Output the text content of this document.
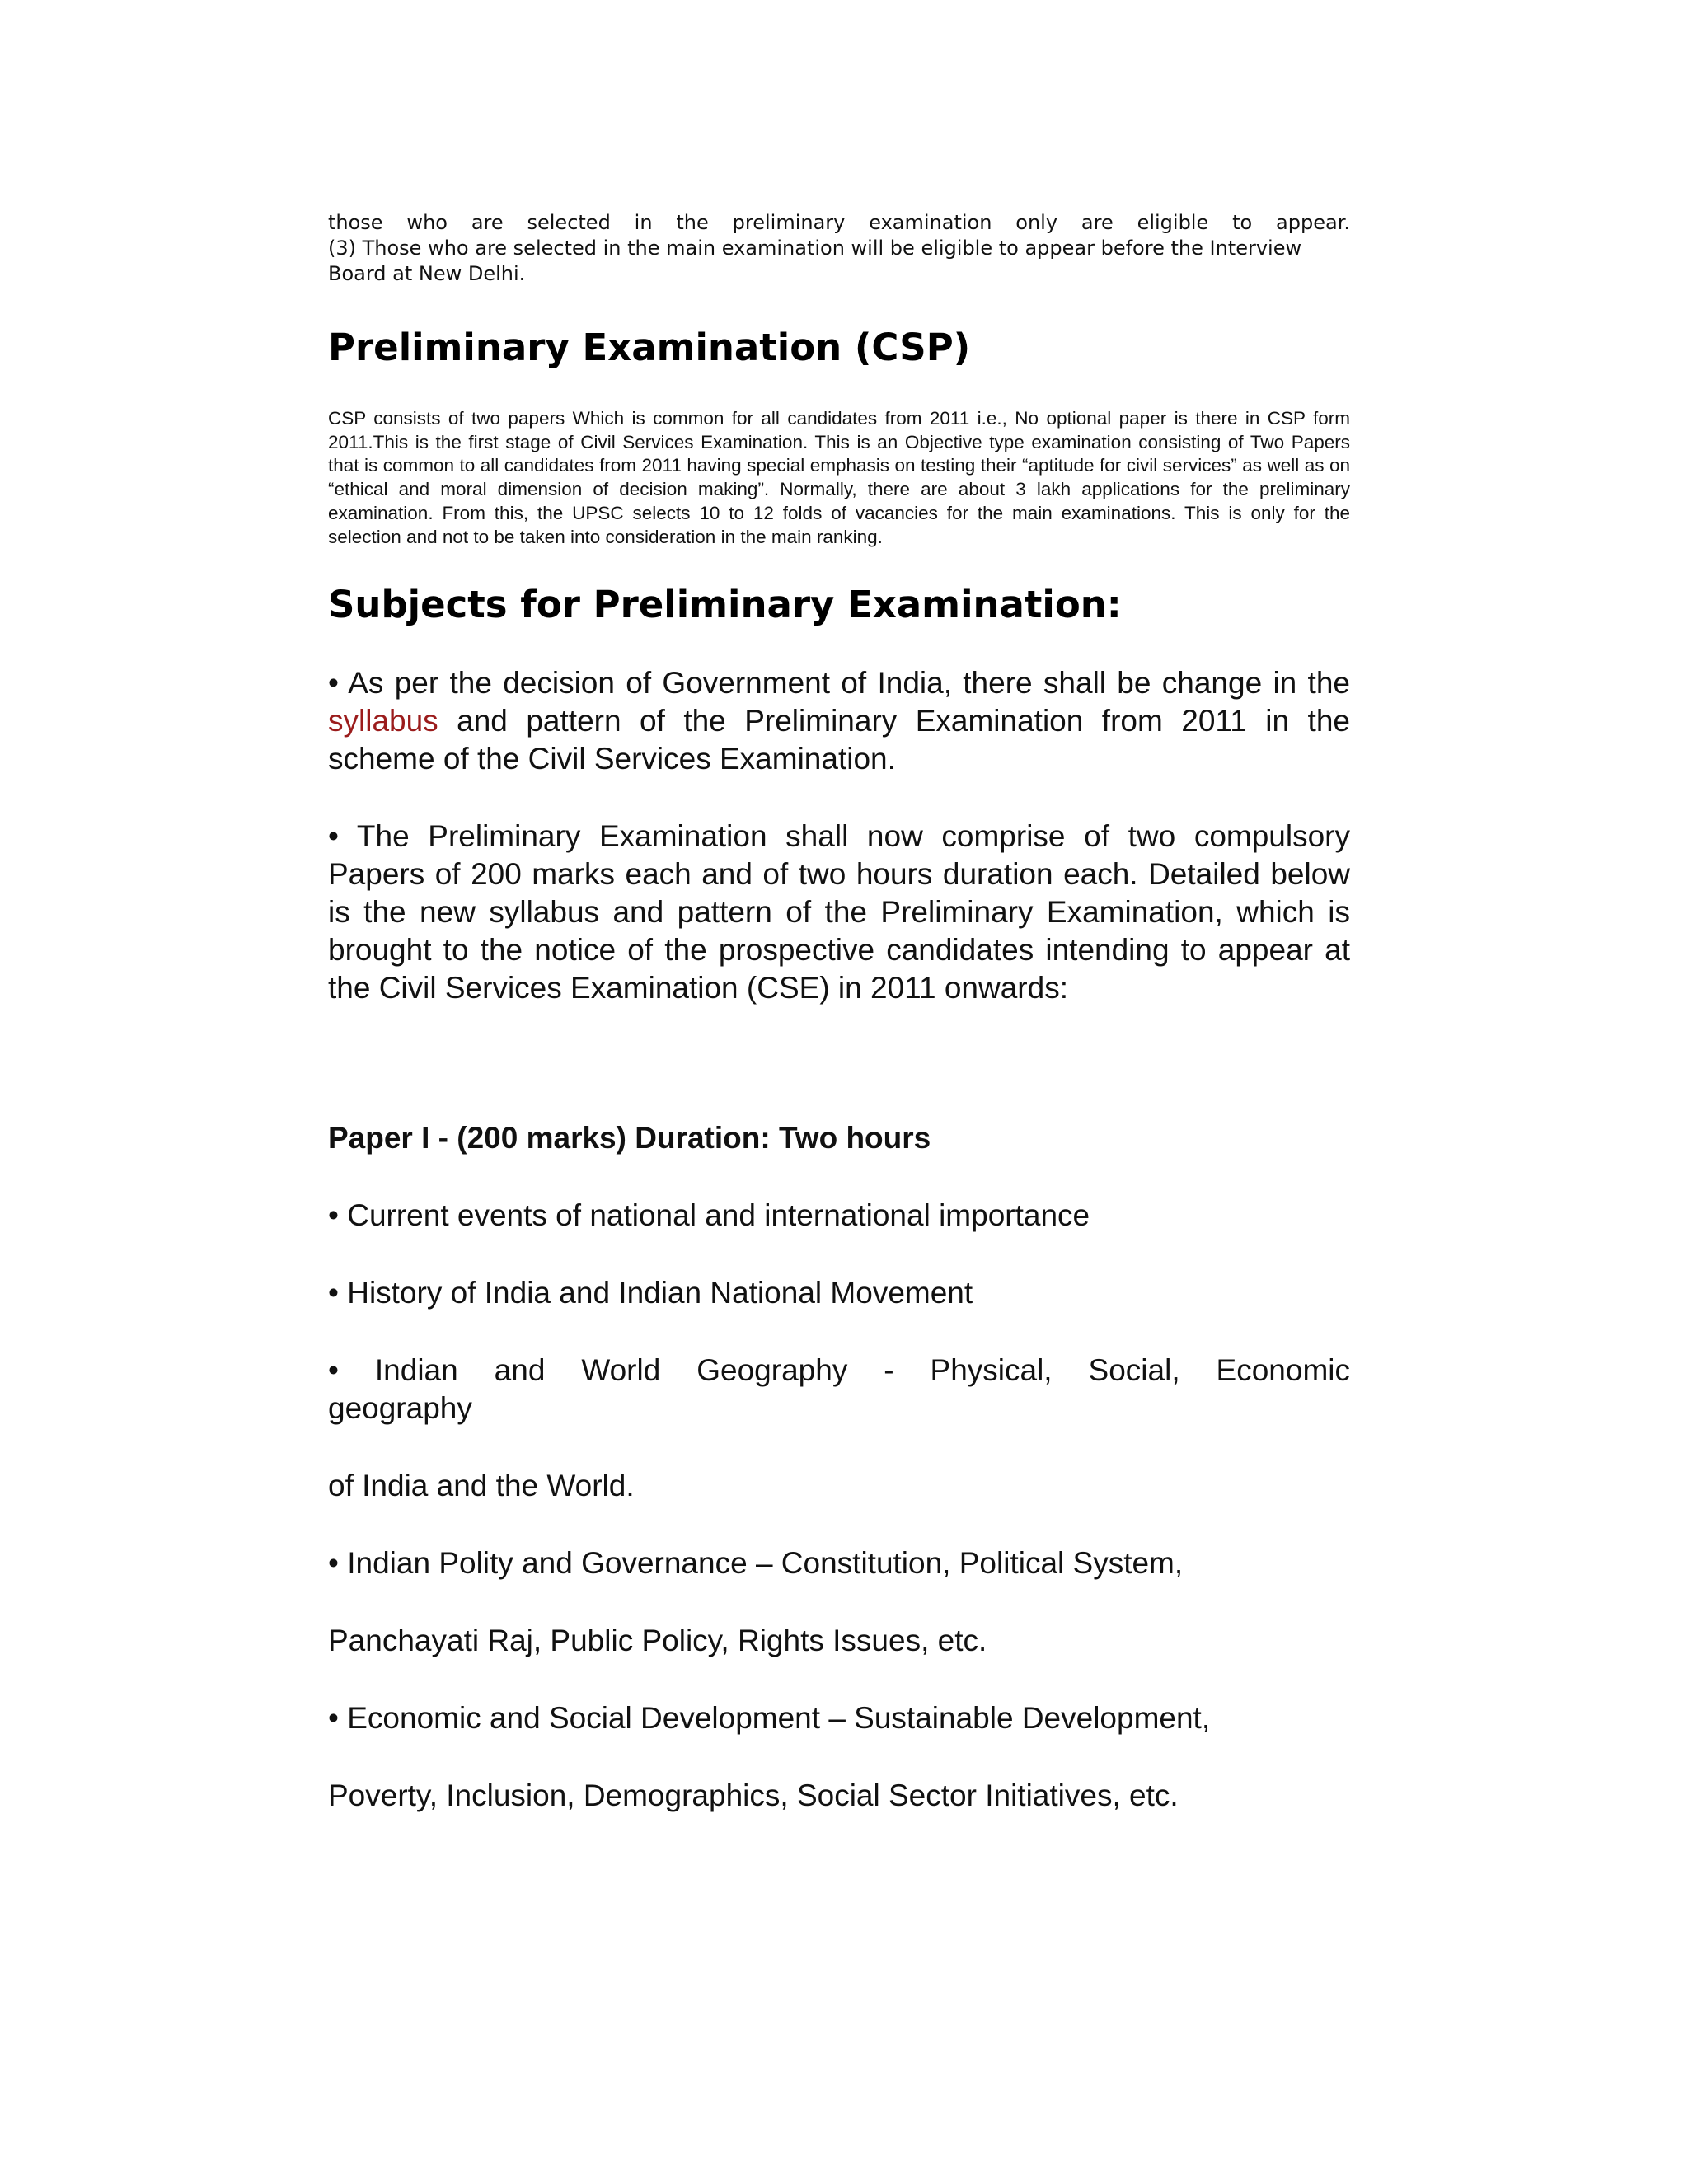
those who are selected in the preliminary examination only are eligible to appear.
(3) Those who are selected in the main examination will be eligible to appear before the Interview
Board at New Delhi.

Preliminary Examination (CSP)

CSP consists of two papers Which is common for all candidates from 2011 i.e., No optional paper is there in CSP form 2011.This is the first stage of Civil Services Examination. This is an Objective type examination consisting of Two Papers that is common to all candidates from 2011 having special emphasis on testing their “aptitude for civil services” as well as on “ethical and moral dimension of decision making”. Normally, there are about 3 lakh applications for the preliminary examination. From this, the UPSC selects 10 to 12 folds of vacancies for the main examinations. This is only for the selection and not to be taken into consideration in the main ranking.

Subjects for Preliminary Examination:

• As per the decision of Government of India, there shall be change in the syllabus and pattern of the Preliminary Examination from 2011 in the scheme of the Civil Services Examination.

• The Preliminary Examination shall now comprise of two compulsory Papers of 200 marks each and of two hours duration each. Detailed below is the new syllabus and pattern of the Preliminary Examination, which is brought to the notice of the prospective candidates intending to appear at the Civil Services Examination (CSE) in 2011 onwards:

Paper I - (200 marks) Duration: Two hours

• Current events of national and international importance

• History of India and Indian National Movement

• Indian and World Geography - Physical, Social, Economic
geography

of India and the World.

• Indian Polity and Governance – Constitution, Political System,

Panchayati Raj, Public Policy, Rights Issues, etc.

• Economic and Social Development – Sustainable Development,

Poverty, Inclusion, Demographics, Social Sector Initiatives, etc.
